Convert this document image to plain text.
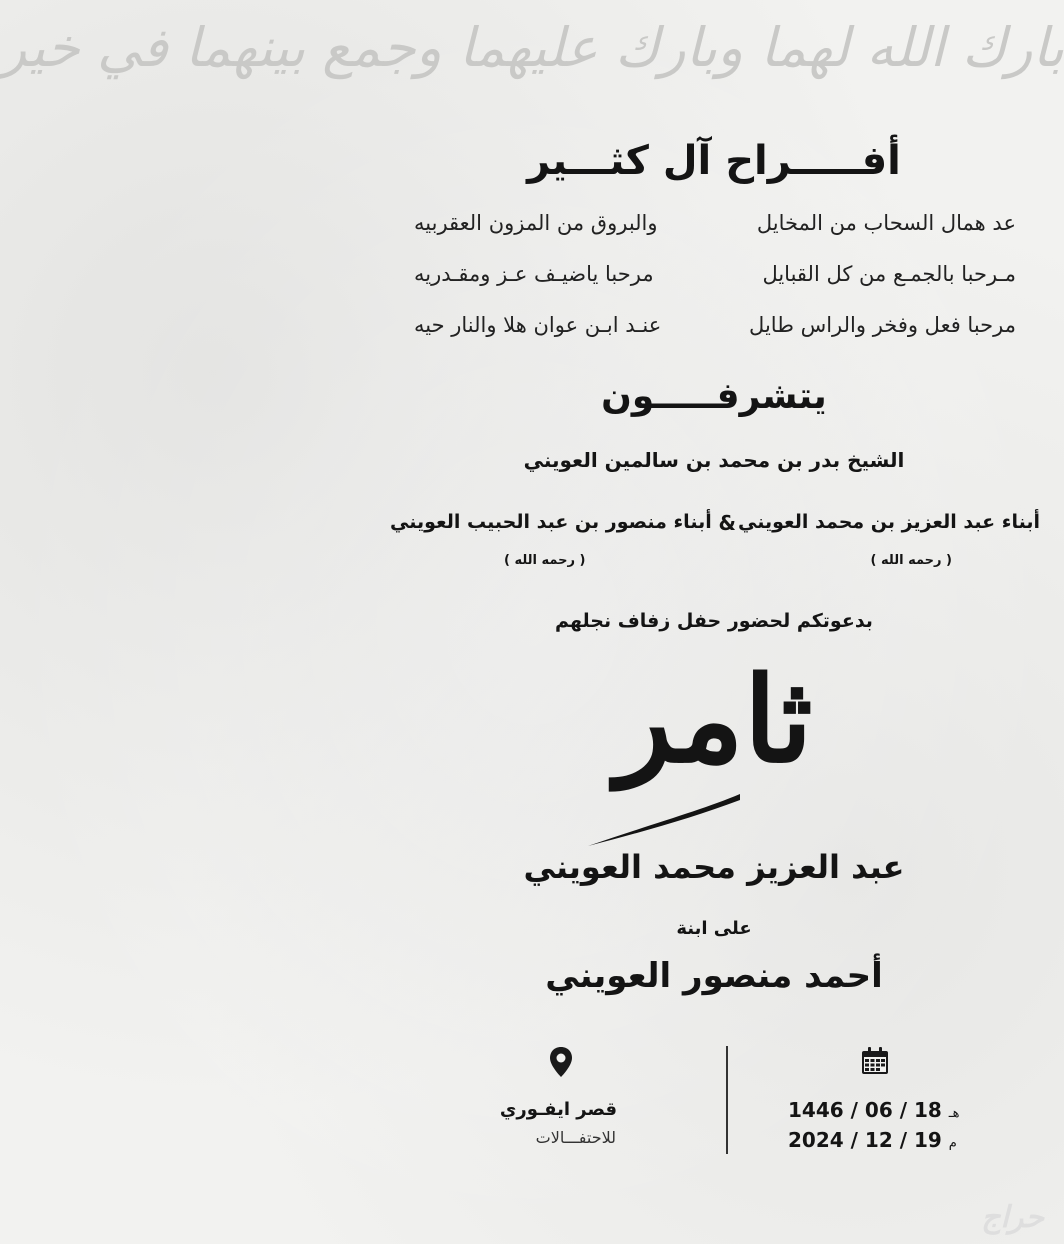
بارك الله لهما وبارك عليهما وجمع بينهما في خير
أفـــــراح آل كثـــير
عد همال السحاب من المخايل
والبروق من المزون العقربيه
مـرحبا بالجمـع من كل القبايل
مرحبا ياضيـف عـز ومقـدريه
مرحبا فعل وفخر والراس طايل
عنـد ابـن عوان هلا والنار حيه
يتشرفـــــون
الشيخ بدر بن محمد بن سالمين العويني
أبناء عبد العزيز بن محمد العويني
&
أبناء منصور بن عبد الحبيب العويني
( رحمه الله )
( رحمه الله )
بدعوتكم لحضور حفل زفاف نجلهم
ثامر
عبد العزيز محمد العويني
على ابنة
أحمد منصور العويني
هـ 18 / 06 / 1446
م 19 / 12 / 2024
قصر ايفـوري
للاحتفـــالات
حراج
